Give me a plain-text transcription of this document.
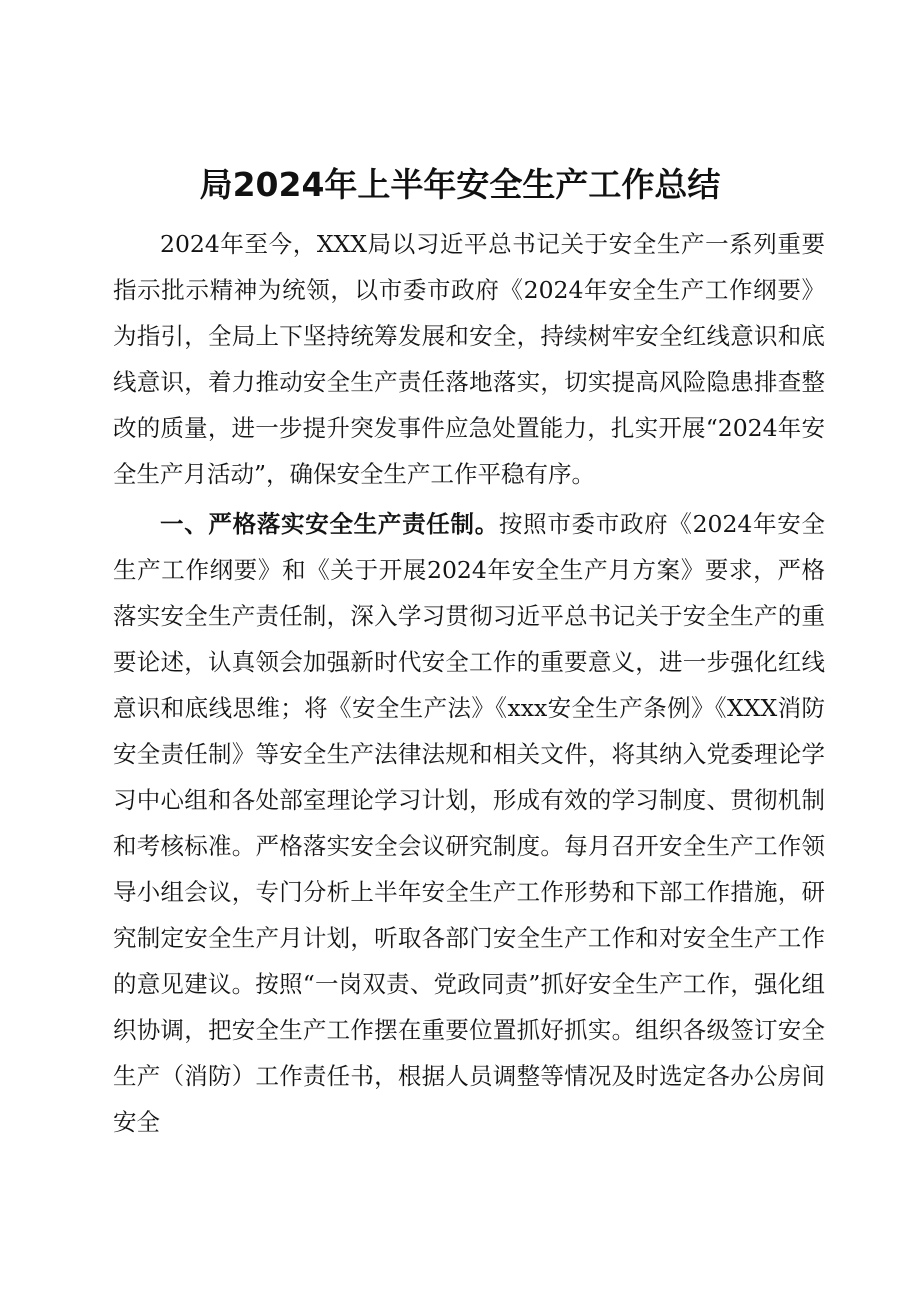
局2024年上半年安全生产工作总结

2024年至今，XXX局以习近平总书记关于安全生产一系列重要指示批示精神为统领，以市委市政府《2024年安全生产工作纲要》为指引，全局上下坚持统筹发展和安全，持续树牢安全红线意识和底线意识，着力推动安全生产责任落地落实，切实提高风险隐患排查整改的质量，进一步提升突发事件应急处置能力，扎实开展“2024年安全生产月活动”，确保安全生产工作平稳有序。

一、严格落实安全生产责任制。按照市委市政府《2024年安全生产工作纲要》和《关于开展2024年安全生产月方案》要求，严格落实安全生产责任制，深入学习贯彻习近平总书记关于安全生产的重要论述，认真领会加强新时代安全工作的重要意义，进一步强化红线意识和底线思维；将《安全生产法》《xxx安全生产条例》《XXX消防安全责任制》等安全生产法律法规和相关文件，将其纳入党委理论学习中心组和各处部室理论学习计划，形成有效的学习制度、贯彻机制和考核标准。严格落实安全会议研究制度。每月召开安全生产工作领导小组会议，专门分析上半年安全生产工作形势和下部工作措施，研究制定安全生产月计划，听取各部门安全生产工作和对安全生产工作的意见建议。按照“一岗双责、党政同责”抓好安全生产工作，强化组织协调，把安全生产工作摆在重要位置抓好抓实。组织各级签订安全生产（消防）工作责任书，根据人员调整等情况及时选定各办公房间安全
